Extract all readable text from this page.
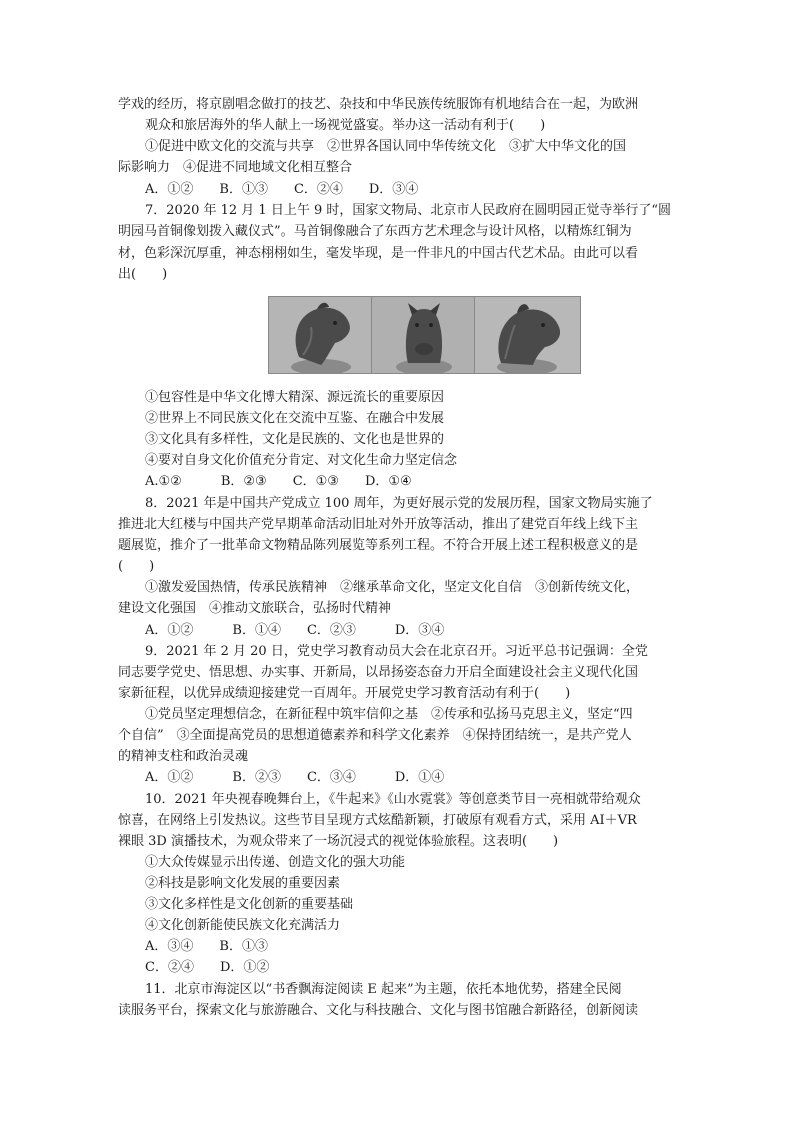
学戏的经历，将京剧唱念做打的技艺、杂技和中华民族传统服饰有机地结合在一起，为欧洲
观众和旅居海外的华人献上一场视觉盛宴。举办这一活动有利于(　　)
①促进中欧文化的交流与共享　②世界各国认同中华传统文化　③扩大中华文化的国
际影响力　④促进不同地域文化相互整合
A．①②　　B．①③　　C．②④　　D．③④
7．2020 年 12 月 1 日上午 9 时，国家文物局、北京市人民政府在圆明园正觉寺举行了“圆
明园马首铜像划拨入藏仪式”。马首铜像融合了东西方艺术理念与设计风格，以精炼红铜为
材，色彩深沉厚重，神态栩栩如生，毫发毕现，是一件非凡的中国古代艺术品。由此可以看
出(　　)
①包容性是中华文化博大精深、源远流长的重要原因
②世界上不同民族文化在交流中互鉴、在融合中发展
③文化具有多样性，文化是民族的、文化也是世界的
④要对自身文化价值充分肯定、对文化生命力坚定信念
A.①②　　　B．②③　　C．①③　　D．①④
8．2021 年是中国共产党成立 100 周年，为更好展示党的发展历程，国家文物局实施了
推进北大红楼与中国共产党早期革命活动旧址对外开放等活动，推出了建党百年线上线下主
题展览，推介了一批革命文物精品陈列展览等系列工程。不符合开展上述工程积极意义的是
(　　)
①激发爱国热情，传承民族精神　②继承革命文化，坚定文化自信　③创新传统文化，
建设文化强国　④推动文旅联合，弘扬时代精神
A．①②　　　B．①④　　C．②③　　　D．③④
9．2021 年 2 月 20 日，党史学习教育动员大会在北京召开。习近平总书记强调：全党
同志要学党史、悟思想、办实事、开新局，以昂扬姿态奋力开启全面建设社会主义现代化国
家新征程，以优异成绩迎接建党一百周年。开展党史学习教育活动有利于(　　)
①党员坚定理想信念，在新征程中筑牢信仰之基　②传承和弘扬马克思主义，坚定“四
个自信”　③全面提高党员的思想道德素养和科学文化素养　④保持团结统一，是共产党人
的精神支柱和政治灵魂
A．①②　　　B．②③　　C．③④　　　D．①④
10．2021 年央视春晚舞台上，《牛起来》《山水霓裳》等创意类节目一亮相就带给观众
惊喜，在网络上引发热议。这些节目呈现方式炫酷新颖，打破原有观看方式，采用 AI＋VR
裸眼 3D 演播技术，为观众带来了一场沉浸式的视觉体验旅程。这表明(　　)
①大众传媒显示出传递、创造文化的强大功能
②科技是影响文化发展的重要因素
③文化多样性是文化创新的重要基础
④文化创新能使民族文化充满活力
A．③④　　B．①③
C．②④　　D．①②
11．北京市海淀区以“书香飘海淀阅读 E 起来”为主题，依托本地优势，搭建全民阅
读服务平台，探索文化与旅游融合、文化与科技融合、文化与图书馆融合新路径，创新阅读
